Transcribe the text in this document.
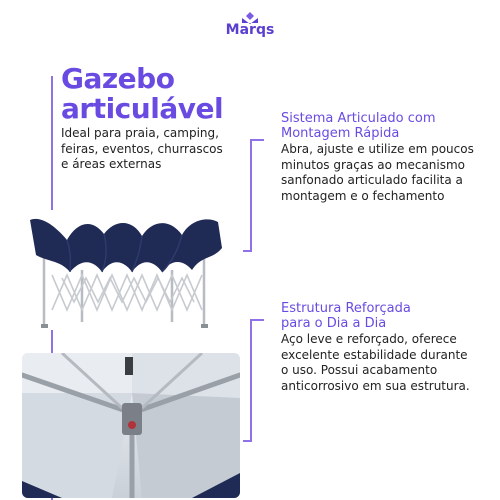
Marqs
Gazebo
articulável
Ideal para praia, camping,
feiras, eventos, churrascos
e áreas externas
Sistema Articulado com
Montagem Rápida
Abra, ajuste e utilize em poucos
minutos graças ao mecanismo
sanfonado articulado facilita a
montagem e o fechamento
Estrutura Reforçada
para o Dia a Dia
Aço leve e reforçado, oferece
excelente estabilidade durante
o uso. Possui acabamento
anticorrosivo em sua estrutura.
